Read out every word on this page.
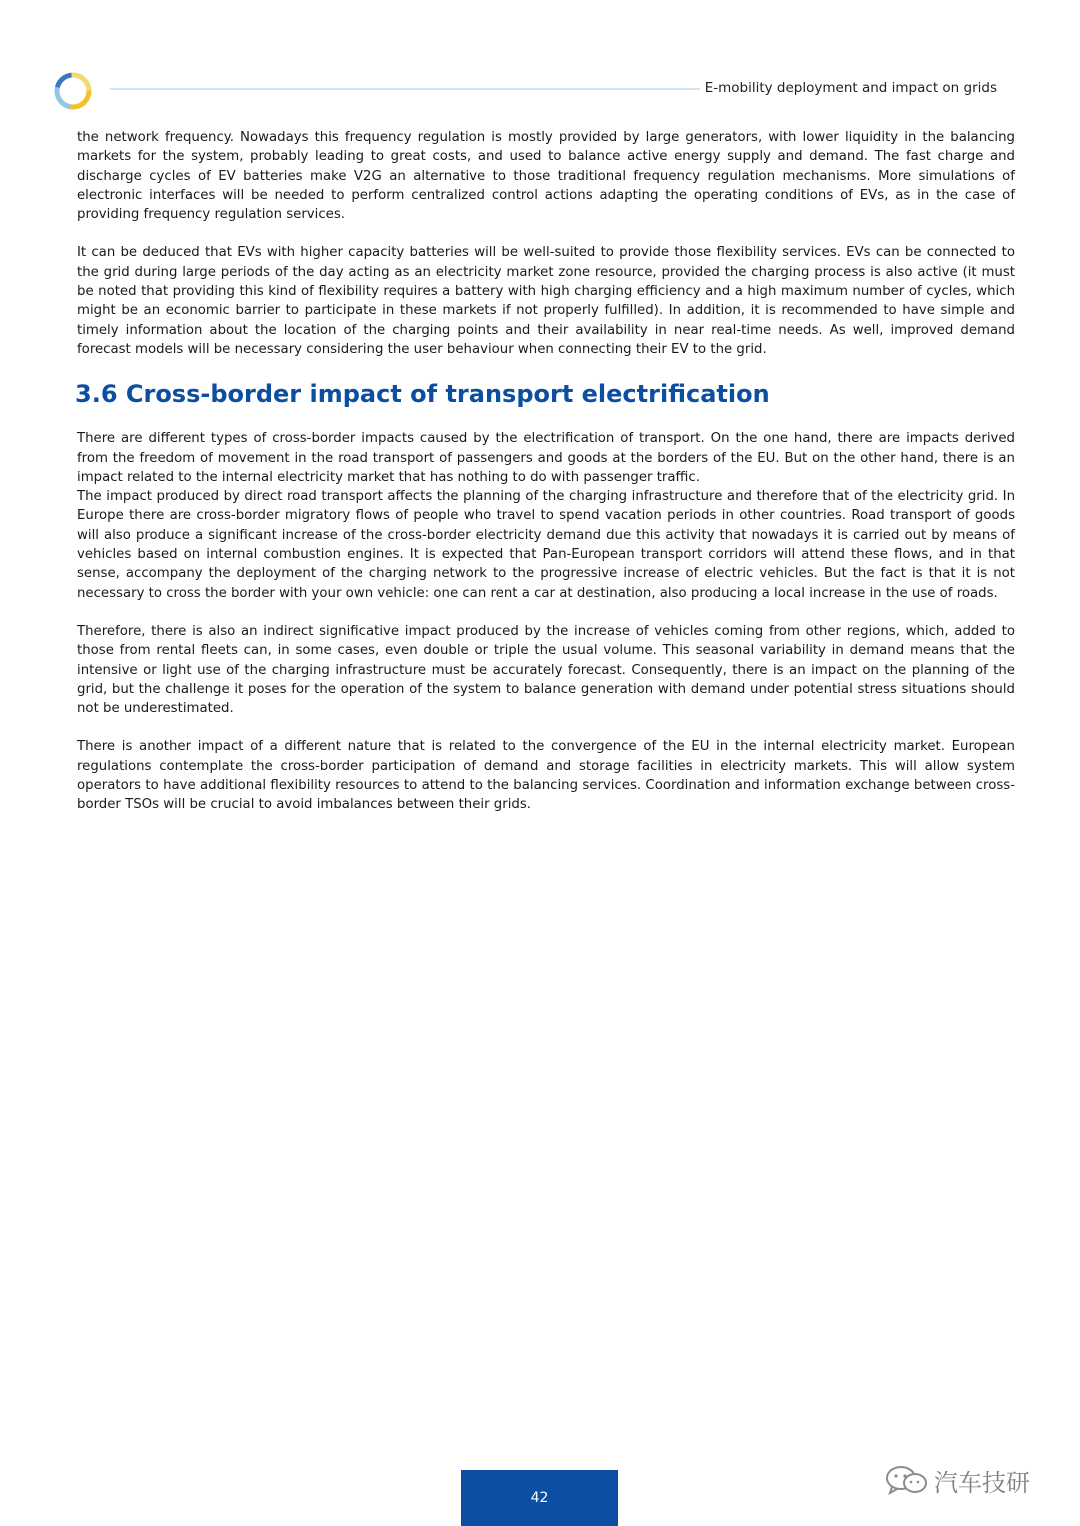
E-mobility deployment and impact on grids

the network frequency. Nowadays this frequency regulation is mostly provided by large generators, with lower liquidity in the balancing markets for the system, probably leading to great costs, and used to balance active energy supply and demand. The fast charge and discharge cycles of EV batteries make V2G an alternative to those traditional frequency regulation mechanisms. More simulations of electronic interfaces will be needed to perform centralized control actions adapting the operating conditions of EVs, as in the case of providing frequency regulation services.

It can be deduced that EVs with higher capacity batteries will be well-suited to provide those flexibility services. EVs can be connected to the grid during large periods of the day acting as an electricity market zone resource, provided the charging process is also active (it must be noted that providing this kind of flexibility requires a battery with high charging efficiency and a high maximum number of cycles, which might be an economic barrier to participate in these markets if not properly fulfilled). In addition, it is recommended to have simple and timely information about the location of the charging points and their availability in near real-time needs. As well, improved demand forecast models will be necessary considering the user behaviour when connecting their EV to the grid.

3.6 Cross-border impact of transport electrification

There are different types of cross-border impacts caused by the electrification of transport. On the one hand, there are impacts derived from the freedom of movement in the road transport of passengers and goods at the borders of the EU. But on the other hand, there is an impact related to the internal electricity market that has nothing to do with passenger traffic.

The impact produced by direct road transport affects the planning of the charging infrastructure and therefore that of the electricity grid. In Europe there are cross-border migratory flows of people who travel to spend vacation periods in other countries. Road transport of goods will also produce a significant increase of the cross-border electricity demand due this activity that nowadays it is carried out by means of vehicles based on internal combustion engines. It is expected that Pan-European transport corridors will attend these flows, and in that sense, accompany the deployment of the charging network to the progressive increase of electric vehicles. But the fact is that it is not necessary to cross the border with your own vehicle: one can rent a car at destination, also producing a local increase in the use of roads.

Therefore, there is also an indirect significative impact produced by the increase of vehicles coming from other regions, which, added to those from rental fleets can, in some cases, even double or triple the usual volume. This seasonal variability in demand means that the intensive or light use of the charging infrastructure must be accurately forecast. Consequently, there is an impact on the planning of the grid, but the challenge it poses for the operation of the system to balance generation with demand under potential stress situations should not be underestimated.

There is another impact of a different nature that is related to the convergence of the EU in the internal electricity market. European regulations contemplate the cross-border participation of demand and storage facilities in electricity markets. This will allow system operators to have additional flexibility resources to attend to the balancing services. Coordination and information exchange between cross-border TSOs will be crucial to avoid imbalances between their grids.

42
汽车技研
